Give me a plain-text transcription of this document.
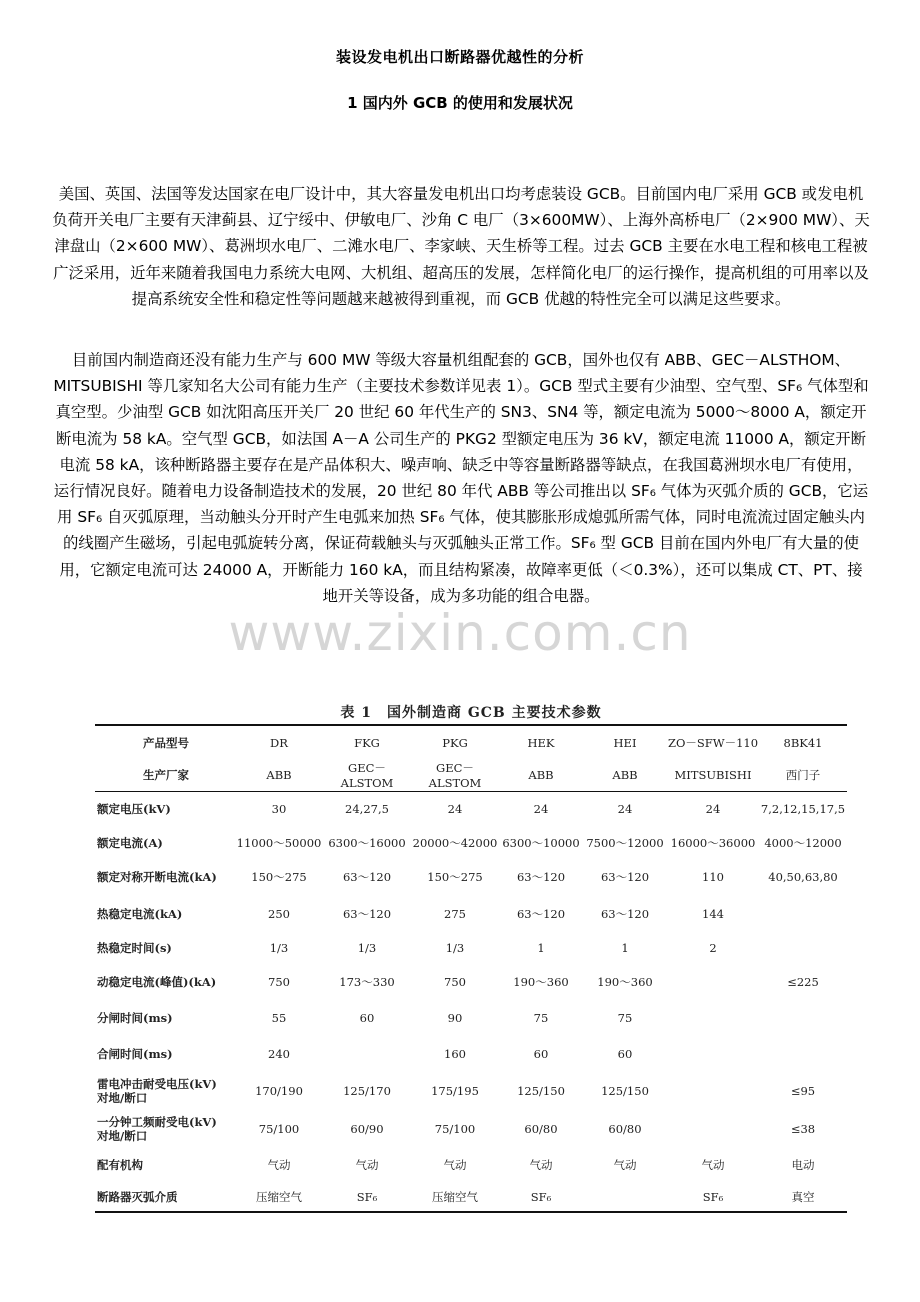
装设发电机出口断路器优越性的分析
1 国内外 GCB 的使用和发展状况

美国、英国、法国等发达国家在电厂设计中，其大容量发电机出口均考虑装设 GCB。目前国内电厂采用 GCB 或发电机负荷开关电厂主要有天津蓟县、辽宁绥中、伊敏电厂、沙角 C 电厂（3×600MW）、上海外高桥电厂（2×900 MW）、天津盘山（2×600 MW）、葛洲坝水电厂、二滩水电厂、李家峡、天生桥等工程。过去 GCB 主要在水电工程和核电工程被广泛采用，近年来随着我国电力系统大电网、大机组、超高压的发展，怎样简化电厂的运行操作，提高机组的可用率以及提高系统安全性和稳定性等问题越来越被得到重视，而 GCB 优越的特性完全可以满足这些要求。

目前国内制造商还没有能力生产与 600 MW 等级大容量机组配套的 GCB，国外也仅有 ABB、GEC－ALSTHOM、MITSUBISHI 等几家知名大公司有能力生产（主要技术参数详见表 1）。GCB 型式主要有少油型、空气型、SF₆ 气体型和真空型。少油型 GCB 如沈阳高压开关厂 20 世纪 60 年代生产的 SN3、SN4 等，额定电流为 5000～8000 A，额定开断电流为 58 kA。空气型 GCB，如法国 A－A 公司生产的 PKG2 型额定电压为 36 kV，额定电流 11000 A，额定开断电流 58 kA，该种断路器主要存在是产品体积大、噪声响、缺乏中等容量断路器等缺点，在我国葛洲坝水电厂有使用，运行情况良好。随着电力设备制造技术的发展，20 世纪 80 年代 ABB 等公司推出以 SF₆ 气体为灭弧介质的 GCB，它运用 SF₆ 自灭弧原理，当动触头分开时产生电弧来加热 SF₆ 气体，使其膨胀形成熄弧所需气体，同时电流流过固定触头内的线圈产生磁场，引起电弧旋转分离，保证荷载触头与灭弧触头正常工作。SF₆ 型 GCB 目前在国内外电厂有大量的使用，它额定电流可达 24000 A，开断能力 160 kA，而且结构紧凑，故障率更低（＜0.3%），还可以集成 CT、PT、接地开关等设备，成为多功能的组合电器。

www.zixin.com.cn
表 1　国外制造商 GCB 主要技术参数
产品型号	DR	FKG	PKG	HEK	HEI	ZO－SFW－110	8BK41
生产厂家	ABB	GEC－ALSTOM	GEC－ALSTOM	ABB	ABB	MITSUBISHI	西门子
额定电压(kV)	30	24,27,5	24	24	24	24	7,2,12,15,17,5
额定电流(A)	11000～50000	6300～16000	20000～42000	6300～10000	7500～12000	16000～36000	4000～12000
额定对称开断电流(kA)	150～275	63～120	150～275	63～120	63～120	110	40,50,63,80
热稳定电流(kA)	250	63～120	275	63～120	63～120	144	
热稳定时间(s)	1/3	1/3	1/3	1	1	2	
动稳定电流(峰值)(kA)	750	173～330	750	190～360	190～360		≤225
分闸时间(ms)	55	60	90	75	75		
合闸时间(ms)	240		160	60	60		

雷电冲击耐受电压(kV)
对地/断口	170/190	125/170	175/195	125/150	125/150		≤95

一分钟工频耐受电(kV)
对地/断口	75/100	60/90	75/100	60/80	60/80		≤38
配有机构	气动	气动	气动	气动	气动	气动	电动
断路器灭弧介质	压缩空气	SF₆	压缩空气	SF₆		SF₆	真空
